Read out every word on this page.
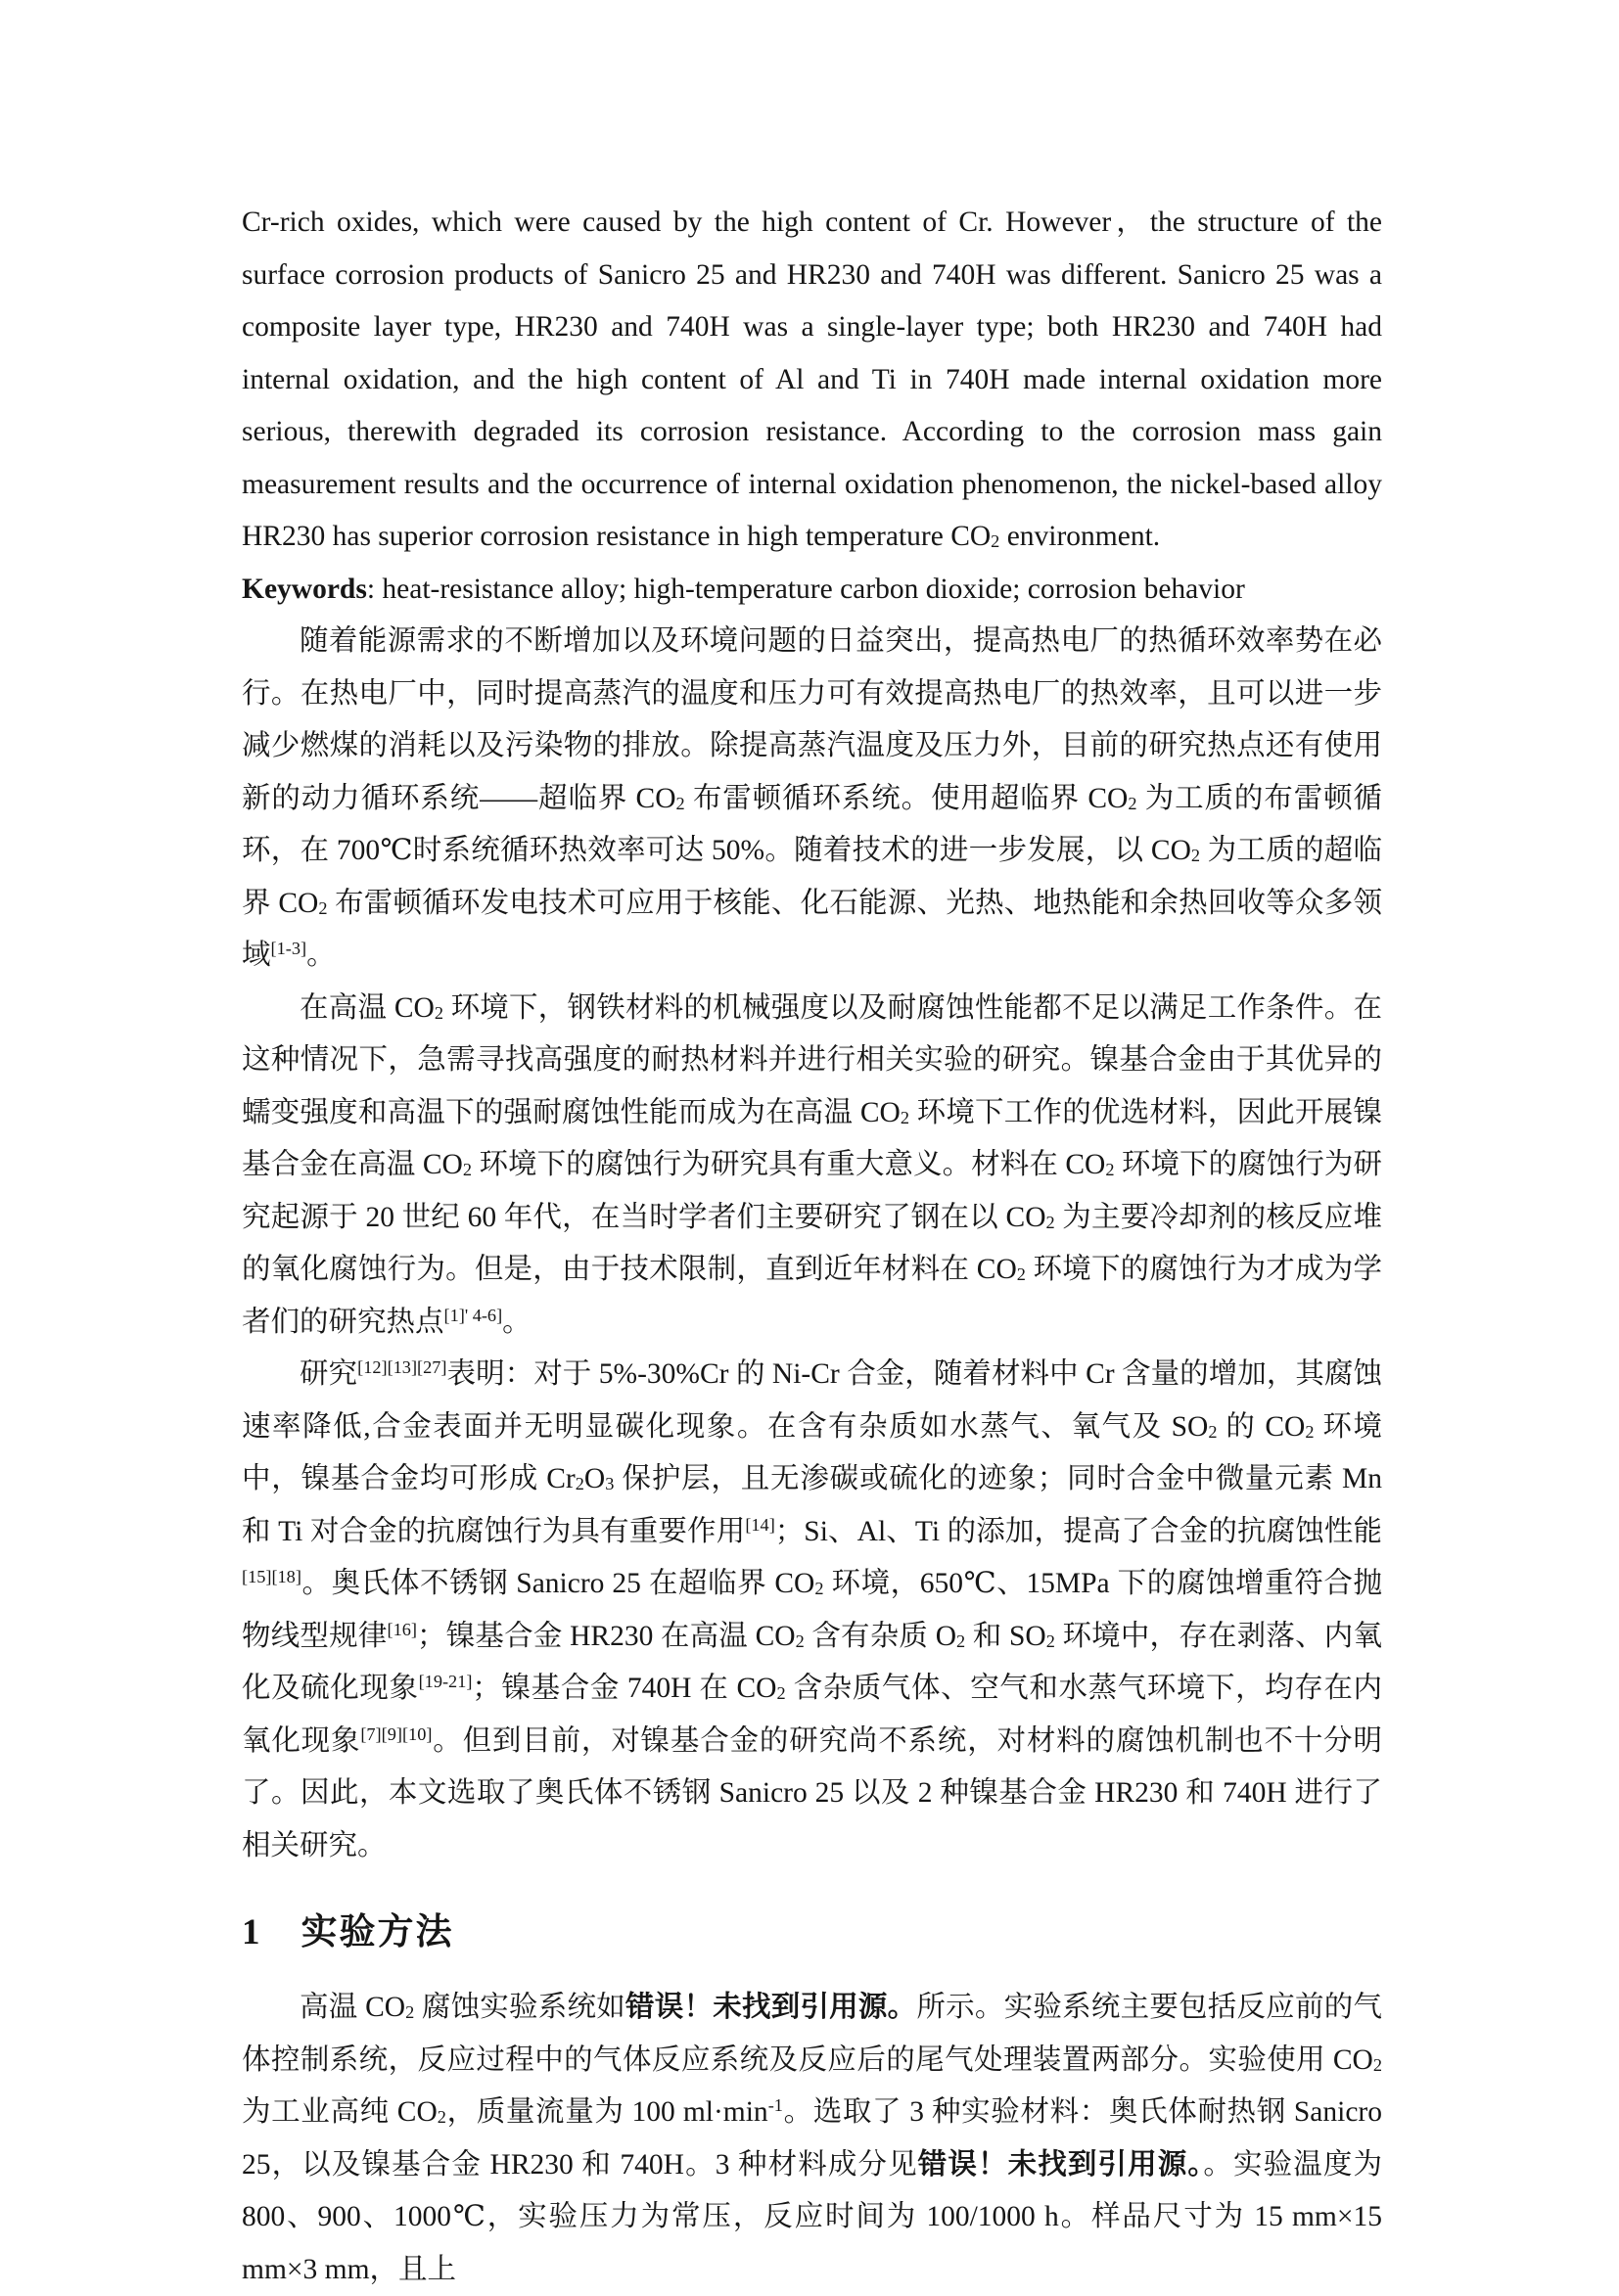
Cr-rich oxides, which were caused by the high content of Cr. However，the structure of the surface corrosion products of Sanicro 25 and HR230 and 740H was different. Sanicro 25 was a composite layer type, HR230 and 740H was a single-layer type; both HR230 and 740H had internal oxidation, and the high content of Al and Ti in 740H made internal oxidation more serious, therewith degraded its corrosion resistance. According to the corrosion mass gain measurement results and the occurrence of internal oxidation phenomenon, the nickel-based alloy HR230 has superior corrosion resistance in high temperature $CO_2$ environment.

Keywords: heat-resistance alloy; high-temperature carbon dioxide; corrosion behavior

随着能源需求的不断增加以及环境问题的日益突出，提高热电厂的热循环效率势在必行。在热电厂中，同时提高蒸汽的温度和压力可有效提高热电厂的热效率，且可以进一步减少燃煤的消耗以及污染物的排放。除提高蒸汽温度及压力外，目前的研究热点还有使用新的动力循环系统——超临界 $CO_2$ 布雷顿循环系统。使用超临界 $CO_2$ 为工质的布雷顿循环，在 700℃时系统循环热效率可达 50%。随着技术的进一步发展，以 $CO_2$ 为工质的超临界 $CO_2$ 布雷顿循环发电技术可应用于核能、化石能源、光热、地热能和余热回收等众多领域[1-3]。

在高温 $CO_2$ 环境下，钢铁材料的机械强度以及耐腐蚀性能都不足以满足工作条件。在这种情况下，急需寻找高强度的耐热材料并进行相关实验的研究。镍基合金由于其优异的蠕变强度和高温下的强耐腐蚀性能而成为在高温 $CO_2$ 环境下工作的优选材料，因此开展镍基合金在高温 $CO_2$ 环境下的腐蚀行为研究具有重大意义。材料在 $CO_2$ 环境下的腐蚀行为研究起源于 20 世纪 60 年代，在当时学者们主要研究了钢在以 $CO_2$ 为主要冷却剂的核反应堆的氧化腐蚀行为。但是，由于技术限制，直到近年材料在 $CO_2$ 环境下的腐蚀行为才成为学者们的研究热点[1]' 4-6]。

研究[12][13][27]表明：对于 5%-30%Cr 的 Ni-Cr 合金，随着材料中 Cr 含量的增加，其腐蚀速率降低,合金表面并无明显碳化现象。在含有杂质如水蒸气、氧气及 $SO_2$ 的 $CO_2$ 环境中，镍基合金均可形成 $Cr_2O_3$ 保护层，且无渗碳或硫化的迹象；同时合金中微量元素 Mn 和 Ti 对合金的抗腐蚀行为具有重要作用[14]；Si、Al、Ti 的添加，提高了合金的抗腐蚀性能[15][18]。奥氏体不锈钢 Sanicro 25 在超临界 $CO_2$ 环境，650℃、15MPa 下的腐蚀增重符合抛物线型规律[16]；镍基合金 HR230 在高温 $CO_2$ 含有杂质 $O_2$ 和 $SO_2$ 环境中，存在剥落、内氧化及硫化现象[19-21]；镍基合金 740H 在 $CO_2$ 含杂质气体、空气和水蒸气环境下，均存在内氧化现象[7][9][10]。但到目前，对镍基合金的研究尚不系统，对材料的腐蚀机制也不十分明了。因此，本文选取了奥氏体不锈钢 Sanicro 25 以及 2 种镍基合金 HR230 和 740H 进行了相关研究。

1 实验方法

高温 $CO_2$ 腐蚀实验系统如错误！未找到引用源。所示。实验系统主要包括反应前的气体控制系统，反应过程中的气体反应系统及反应后的尾气处理装置两部分。实验使用 $CO_2$ 为工业高纯 $CO_2$，质量流量为 100 $ml\cdot\min^{-1}$。选取了 3 种实验材料：奥氏体耐热钢 Sanicro 25，以及镍基合金 HR230 和 740H。3 种材料成分见错误！未找到引用源。。实验温度为 800、900、1000℃，实验压力为常压，反应时间为 100/1000 h。样品尺寸为 15 mm×15 mm×3 mm，且上
